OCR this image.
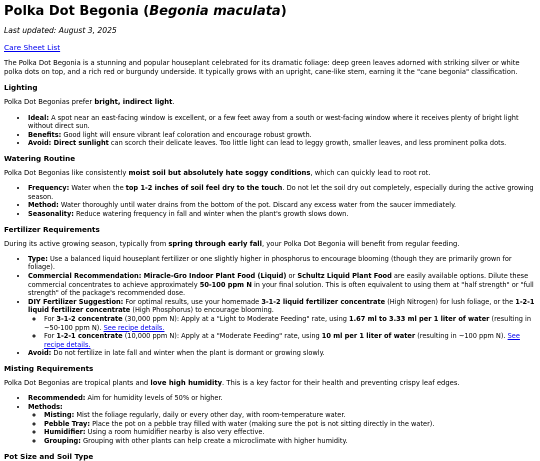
Polka Dot Begonia (Begonia maculata)
Last updated: August 3, 2025
Care Sheet List

The Polka Dot Begonia is a stunning and popular houseplant celebrated for its dramatic foliage: deep green leaves adorned with striking silver or white polka dots on top, and a rich red or burgundy underside. It typically grows with an upright, cane-like stem, earning it the "cane begonia" classification.

Lighting

Polka Dot Begonias prefer bright, indirect light.

• Ideal: A spot near an east-facing window is excellent, or a few feet away from a south or west-facing window where it receives plenty of bright light without direct sun.
• Benefits: Good light will ensure vibrant leaf coloration and encourage robust growth.
• Avoid: Direct sunlight can scorch their delicate leaves. Too little light can lead to leggy growth, smaller leaves, and less prominent polka dots.
Watering Routine

Polka Dot Begonias like consistently moist soil but absolutely hate soggy conditions, which can quickly lead to root rot.

• Frequency: Water when the top 1-2 inches of soil feel dry to the touch. Do not let the soil dry out completely, especially during the active growing season.
• Method: Water thoroughly until water drains from the bottom of the pot. Discard any excess water from the saucer immediately.
• Seasonality: Reduce watering frequency in fall and winter when the plant's growth slows down.
Fertilizer Requirements

During its active growing season, typically from spring through early fall, your Polka Dot Begonia will benefit from regular feeding.

• Type: Use a balanced liquid houseplant fertilizer or one slightly higher in phosphorus to encourage blooming (though they are primarily grown for foliage).
• Commercial Recommendation: Miracle-Gro Indoor Plant Food (Liquid) or Schultz Liquid Plant Food are easily available options. Dilute these commercial concentrates to achieve approximately 50-100 ppm N in your final solution. This is often equivalent to using them at "half strength" or "full strength" of the package's recommended dose.
• DIY Fertilizer Suggestion: For optimal results, use your homemade 3-1-2 liquid fertilizer concentrate (High Nitrogen) for lush foliage, or the 1-2-1 liquid fertilizer concentrate (High Phosphorus) to encourage blooming.
◦ For 3-1-2 concentrate (30,000 ppm N): Apply at a "Light to Moderate Feeding" rate, using 1.67 ml to 3.33 ml per 1 liter of water (resulting in ~50-100 ppm N). See recipe details.
◦ For 1-2-1 concentrate (10,000 ppm N): Apply at a "Moderate Feeding" rate, using 10 ml per 1 liter of water (resulting in ~100 ppm N). See recipe details.
• Avoid: Do not fertilize in late fall and winter when the plant is dormant or growing slowly.
Misting Requirements

Polka Dot Begonias are tropical plants and love high humidity. This is a key factor for their health and preventing crispy leaf edges.

• Recommended: Aim for humidity levels of 50% or higher.
• Methods:
◦ Misting: Mist the foliage regularly, daily or every other day, with room-temperature water.
◦ Pebble Tray: Place the pot on a pebble tray filled with water (making sure the pot is not sitting directly in the water).
◦ Humidifier: Using a room humidifier nearby is also very effective.
◦ Grouping: Grouping with other plants can help create a microclimate with higher humidity.
Pot Size and Soil Type
